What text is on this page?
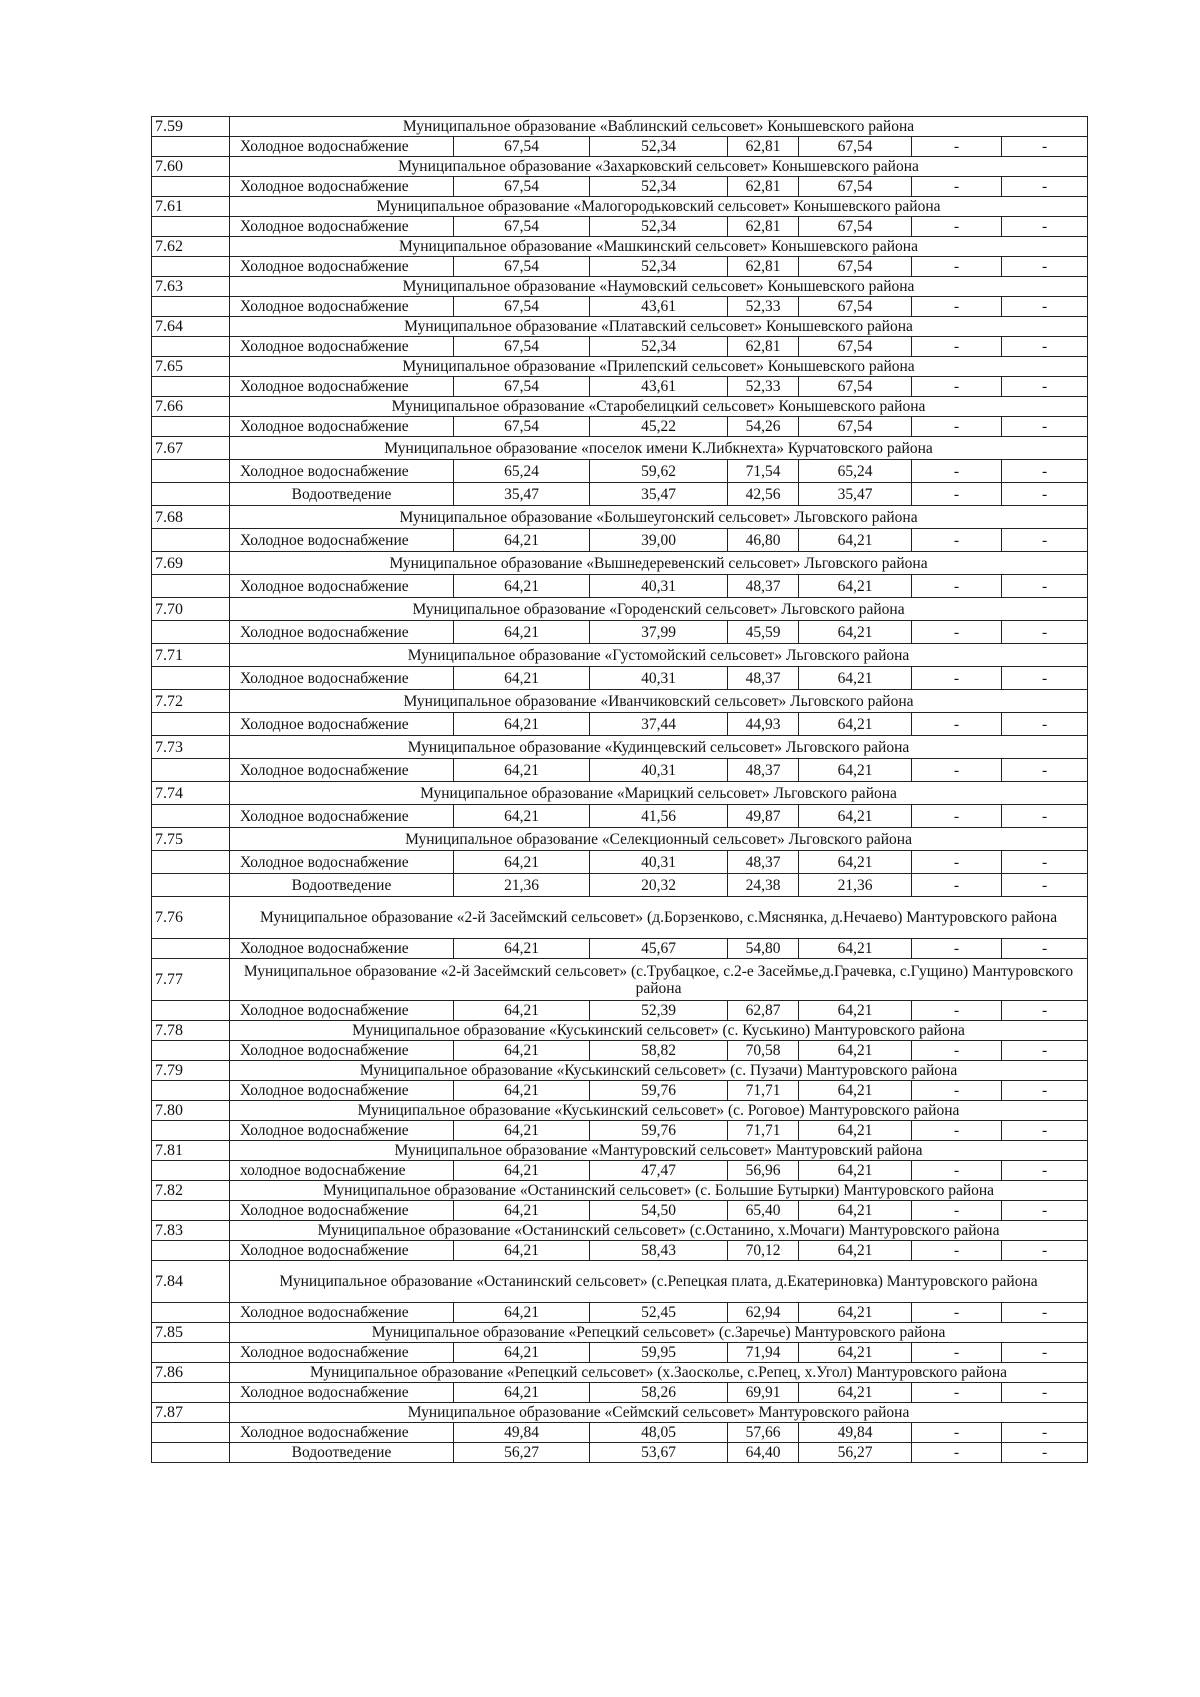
7.59	Муниципальное образование «Ваблинский сельсовет» Конышевского района						
	Холодное водоснабжение	67,54	52,34	62,81	67,54	-	-
7.60	Муниципальное образование «Захарковский сельсовет» Конышевского района						
	Холодное водоснабжение	67,54	52,34	62,81	67,54	-	-
7.61	Муниципальное образование «Малогородьковский сельсовет» Конышевского района						
	Холодное водоснабжение	67,54	52,34	62,81	67,54	-	-
7.62	Муниципальное образование «Машкинский сельсовет» Конышевского района						
	Холодное водоснабжение	67,54	52,34	62,81	67,54	-	-
7.63	Муниципальное образование «Наумовский сельсовет» Конышевского района						
	Холодное водоснабжение	67,54	43,61	52,33	67,54	-	-
7.64	Муниципальное образование «Платавский сельсовет» Конышевского района						
	Холодное водоснабжение	67,54	52,34	62,81	67,54	-	-
7.65	Муниципальное образование «Прилепский сельсовет» Конышевского района						
	Холодное водоснабжение	67,54	43,61	52,33	67,54	-	-
7.66	Муниципальное образование «Старобелицкий сельсовет» Конышевского района						
	Холодное водоснабжение	67,54	45,22	54,26	67,54	-	-
7.67	Муниципальное образование «поселок имени К.Либкнехта» Курчатовского района						
	Холодное водоснабжение	65,24	59,62	71,54	65,24	-	-
	Водоотведение	35,47	35,47	42,56	35,47	-	-
7.68	Муниципальное образование «Большеугонский сельсовет» Льговского района						
	Холодное водоснабжение	64,21	39,00	46,80	64,21	-	-
7.69	Муниципальное образование «Вышнедеревенский сельсовет» Льговского района						
	Холодное водоснабжение	64,21	40,31	48,37	64,21	-	-
7.70	Муниципальное образование «Городенский сельсовет» Льговского района						
	Холодное водоснабжение	64,21	37,99	45,59	64,21	-	-
7.71	Муниципальное образование «Густомойский сельсовет» Льговского района						
	Холодное водоснабжение	64,21	40,31	48,37	64,21	-	-
7.72	Муниципальное образование «Иванчиковский сельсовет» Льговского района						
	Холодное водоснабжение	64,21	37,44	44,93	64,21	-	-
7.73	Муниципальное образование «Кудинцевский сельсовет» Льговского района						
	Холодное водоснабжение	64,21	40,31	48,37	64,21	-	-
7.74	Муниципальное образование «Марицкий сельсовет» Льговского района						
	Холодное водоснабжение	64,21	41,56	49,87	64,21	-	-
7.75	Муниципальное образование «Селекционный сельсовет» Льговского района						
	Холодное водоснабжение	64,21	40,31	48,37	64,21	-	-
	Водоотведение	21,36	20,32	24,38	21,36	-	-
7.76	Муниципальное образование «2-й Засеймский сельсовет» (д.Борзенково, с.Мяснянка, д.Нечаево) Мантуровского района						
	Холодное водоснабжение	64,21	45,67	54,80	64,21	-	-
7.77	Муниципальное образование «2-й Засеймский сельсовет» (с.Трубацкое, с.2-е Засеймье,д.Грачевка, с.Гущино) Мантуровского района						
	Холодное водоснабжение	64,21	52,39	62,87	64,21	-	-
7.78	Муниципальное образование «Куськинский сельсовет» (с. Куськино) Мантуровского района						
	Холодное водоснабжение	64,21	58,82	70,58	64,21	-	-
7.79	Муниципальное образование «Куськинский сельсовет» (с. Пузачи) Мантуровского района						
	Холодное водоснабжение	64,21	59,76	71,71	64,21	-	-
7.80	Муниципальное образование «Куськинский сельсовет» (с. Роговое) Мантуровского района						
	Холодное водоснабжение	64,21	59,76	71,71	64,21	-	-
7.81	Муниципальное образование «Мантуровский сельсовет» Мантуровский района						
	холодное водоснабжение	64,21	47,47	56,96	64,21	-	-
7.82	Муниципальное образование «Останинский сельсовет» (с. Большие Бутырки) Мантуровского района						
	Холодное водоснабжение	64,21	54,50	65,40	64,21	-	-
7.83	Муниципальное образование «Останинский сельсовет» (с.Останино, х.Мочаги) Мантуровского района						
	Холодное водоснабжение	64,21	58,43	70,12	64,21	-	-
7.84	Муниципальное образование «Останинский сельсовет» (с.Репецкая плата, д.Екатериновка) Мантуровского района						
	Холодное водоснабжение	64,21	52,45	62,94	64,21	-	-
7.85	Муниципальное образование «Репецкий сельсовет» (с.Заречье) Мантуровского района						
	Холодное водоснабжение	64,21	59,95	71,94	64,21	-	-
7.86	Муниципальное образование «Репецкий сельсовет» (х.Заосколье, с.Репец, х.Угол) Мантуровского района						
	Холодное водоснабжение	64,21	58,26	69,91	64,21	-	-
7.87	Муниципальное образование «Сеймский сельсовет» Мантуровского района						
	Холодное водоснабжение	49,84	48,05	57,66	49,84	-	-
	Водоотведение	56,27	53,67	64,40	56,27	-	-
